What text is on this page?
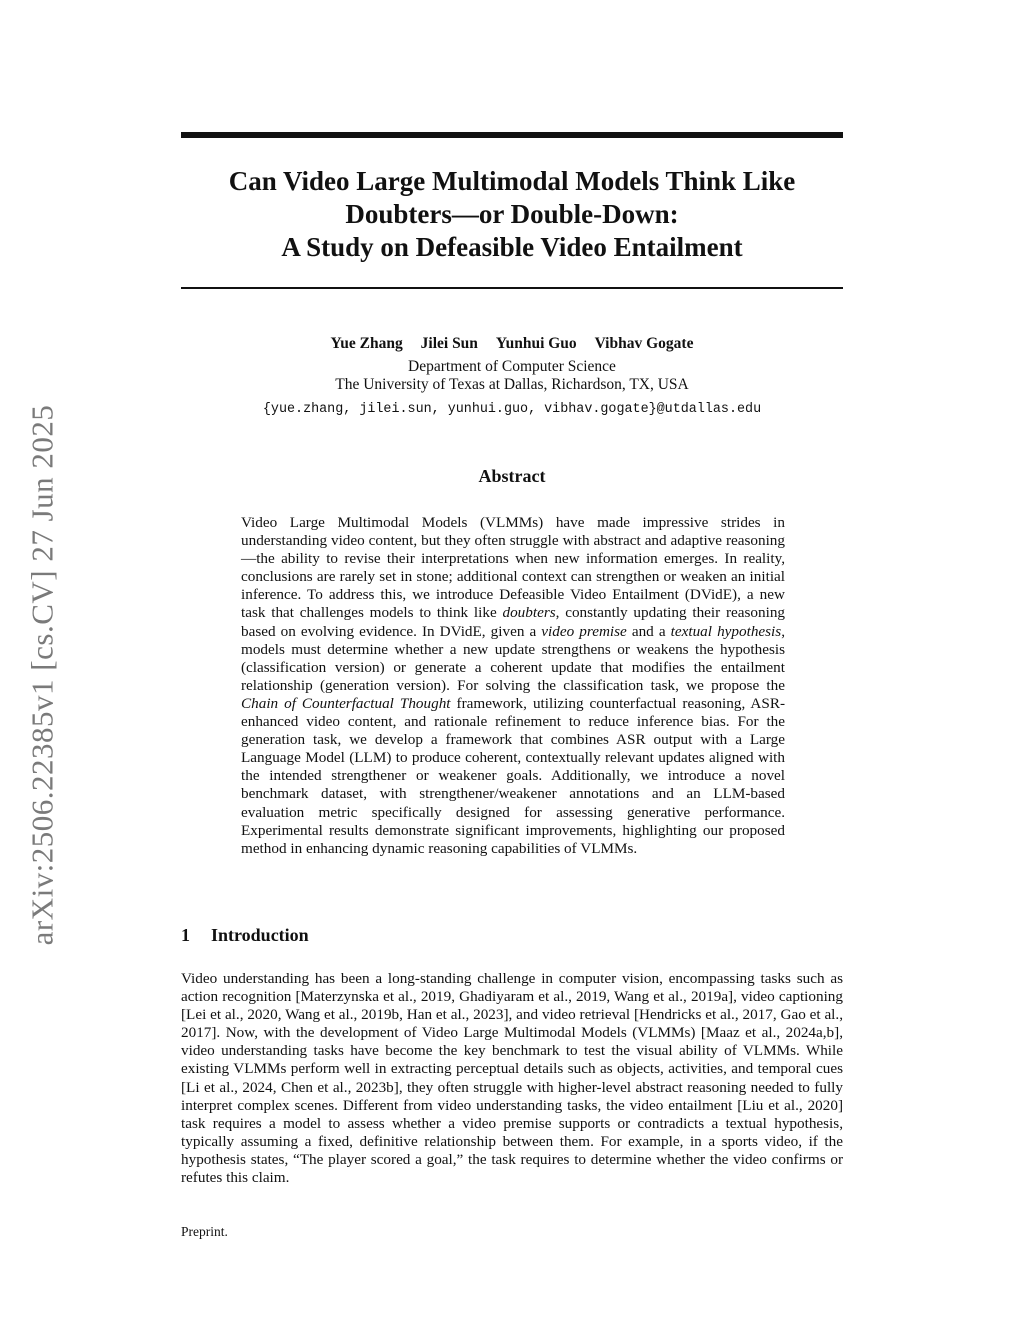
arXiv:2506.22385v1 [cs.CV] 27 Jun 2025
Can Video Large Multimodal Models Think Like
Doubters—or Double-Down:
A Study on Defeasible Video Entailment
Yue Zhang Jilei Sun Yunhui Guo Vibhav Gogate
Department of Computer Science
The University of Texas at Dallas, Richardson, TX, USA
{yue.zhang, jilei.sun, yunhui.guo, vibhav.gogate}@utdallas.edu
Abstract

Video Large Multimodal Models (VLMMs) have made impressive strides in understanding video content, but they often struggle with abstract and adaptive reasoning—the ability to revise their interpretations when new information emerges. In reality, conclusions are rarely set in stone; additional context can strengthen or weaken an initial inference. To address this, we introduce Defeasible Video Entailment (DVidE), a new task that challenges models to think like doubters, constantly updating their reasoning based on evolving evidence. In DVidE, given a video premise and a textual hypothesis, models must determine whether a new update strengthens or weakens the hypothesis (classification version) or generate a coherent update that modifies the entailment relationship (generation version). For solving the classification task, we propose the Chain of Counterfactual Thought framework, utilizing counterfactual reasoning, ASR-enhanced video content, and rationale refinement to reduce inference bias. For the generation task, we develop a framework that combines ASR output with a Large Language Model (LLM) to produce coherent, contextually relevant updates aligned with the intended strengthener or weakener goals. Additionally, we introduce a novel benchmark dataset, with strengthener/weakener annotations and an LLM-based evaluation metric specifically designed for assessing generative performance. Experimental results demonstrate significant improvements, highlighting our proposed method in enhancing dynamic reasoning capabilities of VLMMs.

1 Introduction

Video understanding has been a long-standing challenge in computer vision, encompassing tasks such as action recognition [Materzynska et al., 2019, Ghadiyaram et al., 2019, Wang et al., 2019a], video captioning [Lei et al., 2020, Wang et al., 2019b, Han et al., 2023], and video retrieval [Hendricks et al., 2017, Gao et al., 2017]. Now, with the development of Video Large Multimodal Models (VLMMs) [Maaz et al., 2024a,b], video understanding tasks have become the key benchmark to test the visual ability of VLMMs. While existing VLMMs perform well in extracting perceptual details such as objects, activities, and temporal cues [Li et al., 2024, Chen et al., 2023b], they often struggle with higher-level abstract reasoning needed to fully interpret complex scenes. Different from video understanding tasks, the video entailment [Liu et al., 2020] task requires a model to assess whether a video premise supports or contradicts a textual hypothesis, typically assuming a fixed, definitive relationship between them. For example, in a sports video, if the hypothesis states, “The player scored a goal,” the task requires to determine whether the video confirms or refutes this claim.

Preprint.
